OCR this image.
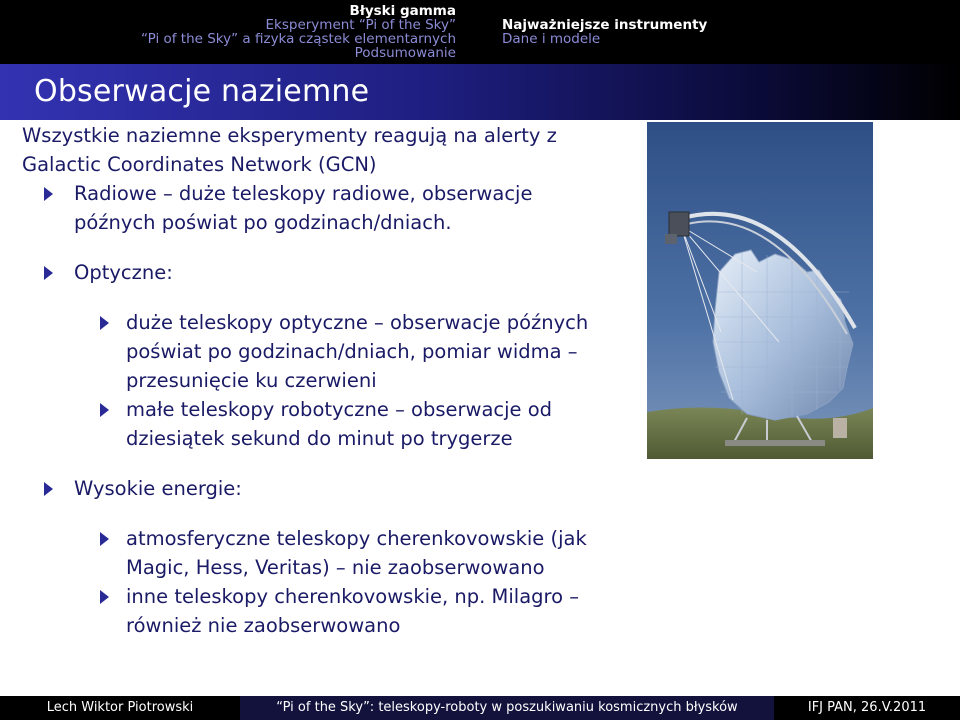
Błyski gamma
Eksperyment “Pi of the Sky”
“Pi of the Sky” a fizyka cząstek elementarnych
Podsumowanie
Najważniejsze instrumenty
Dane i modele
Obserwacje naziemne

Wszystkie naziemne eksperymenty reagują na alerty z Galactic Coordinates Network (GCN)

Radiowe – duże teleskopy radiowe, obserwacje późnych poświat po godzinach/dniach.
Optyczne:
duże teleskopy optyczne – obserwacje późnych poświat po godzinach/dniach, pomiar widma – przesunięcie ku czerwieni
małe teleskopy robotyczne – obserwacje od dziesiątek sekund do minut po trygerze
Wysokie energie:
atmosferyczne teleskopy cherenkovowskie (jak Magic, Hess, Veritas) – nie zaobserwowano
inne teleskopy cherenkovowskie, np. Milagro – również nie zaobserwowano
Lech Wiktor Piotrowski	“Pi of the Sky”: teleskopy-roboty w poszukiwaniu kosmicznych błysków	IFJ PAN, 26.V.2011
